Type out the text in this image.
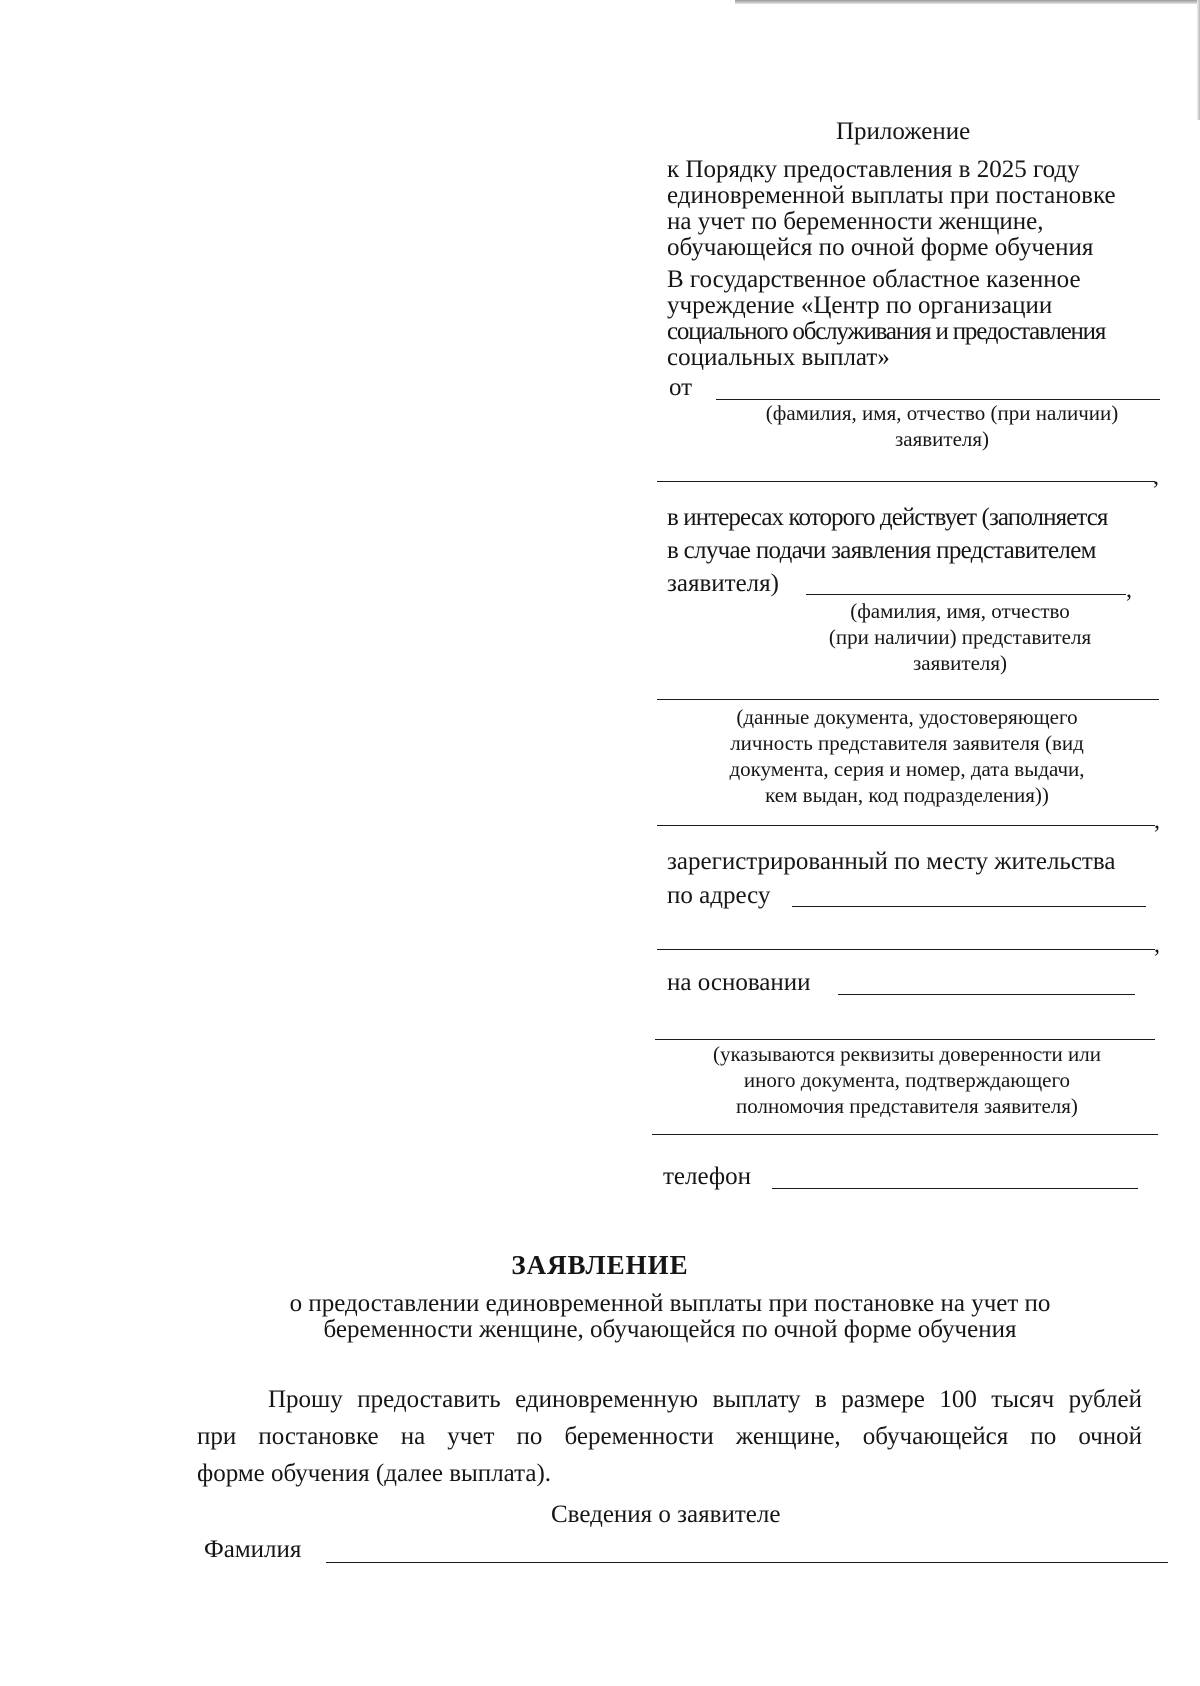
Приложение
к Порядку предоставления в 2025 году
единовременной выплаты при постановке
на учет по беременности женщине,
обучающейся по очной форме обучения
В государственное областное казенное
учреждение «Центр по организации
социального обслуживания и предоставления
социальных выплат»
от
(фамилия, имя, отчество (при наличии)
заявителя)
,
в интересах которого действует (заполняется
в случае подачи заявления представителем
заявителя)	,
(фамилия, имя, отчество
(при наличии) представителя
заявителя)
(данные документа, удостоверяющего
личность представителя заявителя (вид
документа, серия и номер, дата выдачи,
кем выдан, код подразделения))
,
зарегистрированный по месту жительства
по адресу
,
на основании
(указываются реквизиты доверенности или
иного документа, подтверждающего
полномочия представителя заявителя)
телефон
ЗАЯВЛЕНИЕ
о предоставлении единовременной выплаты при постановке на учет по
беременности женщине, обучающейся по очной форме обучения
Прошу предоставить единовременную выплату в размере 100 тысяч рублей
при постановке на учет по беременности женщине, обучающейся по очной
форме обучения (далее выплата).
Сведения о заявителе
Фамилия
